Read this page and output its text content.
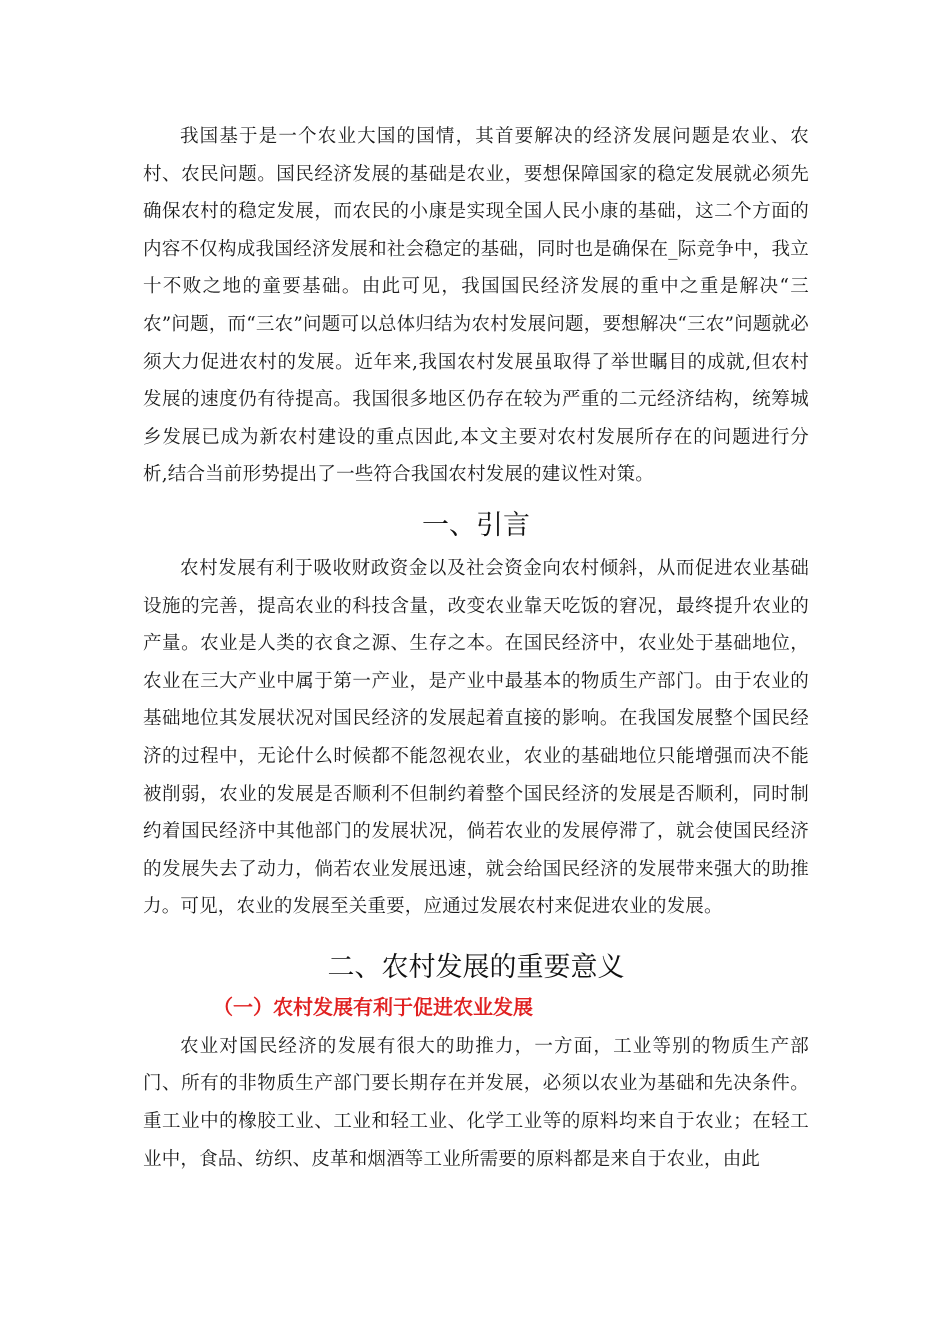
我国基于是一个农业大国的国情，其首要解决的经济发展问题是农业、农村、农民问题。国民经济发展的基础是农业，要想保障国家的稳定发展就必须先确保农村的稳定发展，而农民的小康是实现全国人民小康的基础，这二个方面的内容不仅构成我国经济发展和社会稳定的基础，同时也是确保在_际竞争中，我立十不败之地的童要基础。由此可见，我国国民经济发展的重中之重是解决“三农”问题，而“三农”问题可以总体归结为农村发展问题，要想解决“三农”问题就必须大力促进农村的发展。近年来,我国农村发展虽取得了举世瞩目的成就,但农村发展的速度仍有待提高。我国很多地区仍存在较为严重的二元经济结构，统筹城乡发展已成为新农村建设的重点因此,本文主要对农村发展所存在的问题进行分析,结合当前形势提出了一些符合我国农村发展的建议性对策。

一、引言

农村发展有利于吸收财政资金以及社会资金向农村倾斜，从而促进农业基础设施的完善，提高农业的科技含量，改变农业靠天吃饭的窘况，最终提升农业的产量。农业是人类的衣食之源、生存之本。在国民经济中，农业处于基础地位，农业在三大产业中属于第一产业，是产业中最基本的物质生产部门。由于农业的基础地位其发展状况对国民经济的发展起着直接的影响。在我国发展整个国民经济的过程中，无论什么时候都不能忽视农业，农业的基础地位只能增强而决不能被削弱，农业的发展是否顺利不但制约着整个国民经济的发展是否顺利，同时制约着国民经济中其他部门的发展状况，倘若农业的发展停滞了，就会使国民经济的发展失去了动力，倘若农业发展迅速，就会给国民经济的发展带来强大的助推力。可见，农业的发展至关重要，应通过发展农村来促进农业的发展。

二、农村发展的重要意义
（一）农村发展有利于促进农业发展

农业对国民经济的发展有很大的助推力，一方面，工业等别的物质生产部门、所有的非物质生产部门要长期存在并发展，必须以农业为基础和先决条件。重工业中的橡胶工业、工业和轻工业、化学工业等的原料均来自于农业；在轻工业中，食品、纺织、皮革和烟酒等工业所需要的原料都是来自于农业，由此
